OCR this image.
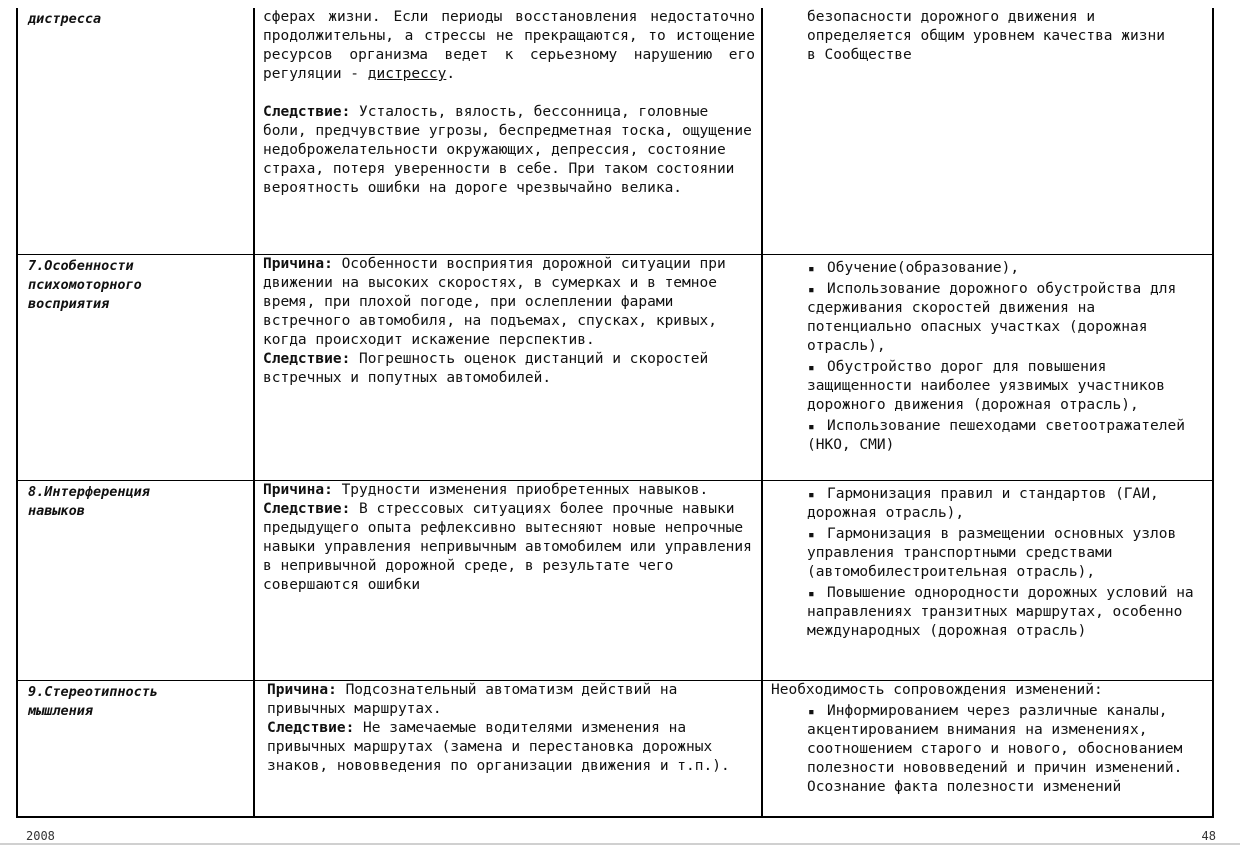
дистресса	сферах жизни. Если периоды восстановления недостаточно продолжительны, а стрессы не прекращаются, то истощение ресурсов организма ведет к серьезному нарушению его регуляции - дистрессу.
Следствие: Усталость, вялость, бессонница, головные боли, предчувствие угрозы, беспредметная тоска, ощущение недоброжелательности окружающих, депрессия, состояние страха, потеря уверенности в себе. При таком состоянии вероятность ошибки на дороге чрезвычайно велика.
безопасности дорожного движения и определяется общим уровнем качества жизни в Сообществе
7.Особенности
психомоторного
восприятия
Причина: Особенности восприятия дорожной ситуации при движении на высоких скоростях, в сумерках и в темное время, при плохой погоде, при ослеплении фарами встречного автомобиля, на подъемах, спусках, кривых, когда происходит искажение перспектив.
Следствие: Погрешность оценок дистанций и скоростей встречных и попутных автомобилей.
▪ Обучение(образование),
▪ Использование дорожного обустройства для сдерживания скоростей движения на потенциально опасных участках (дорожная отрасль),
▪ Обустройство дорог для повышения защищенности наиболее уязвимых участников дорожного движения (дорожная отрасль),
▪ Использование пешеходами светоотражателей (НКО, СМИ)
8.Интерференция
навыков
Причина: Трудности изменения приобретенных навыков.
Следствие: В стрессовых ситуациях более прочные навыки предыдущего опыта рефлексивно вытесняют новые непрочные навыки управления непривычным автомобилем или управления в непривычной дорожной среде, в результате чего совершаются ошибки
▪ Гармонизация правил и стандартов (ГАИ, дорожная отрасль),
▪ Гармонизация в размещении основных узлов управления транспортными средствами (автомобилестроительная отрасль),
▪ Повышение однородности дорожных условий на направлениях транзитных маршрутах, особенно международных (дорожная отрасль)
9.Стереотипность
мышления
Причина: Подсознательный автоматизм действий на привычных маршрутах.
Следствие: Не замечаемые водителями изменения на привычных маршрутах (замена и перестановка дорожных знаков, нововведения по организации движения и т.п.).
Необходимость сопровождения изменений:
▪ Информированием через различные каналы, акцентированием внимания на изменениях, соотношением старого и нового, обоснованием полезности нововведений и причин изменений. Осознание факта полезности изменений
2008	48
